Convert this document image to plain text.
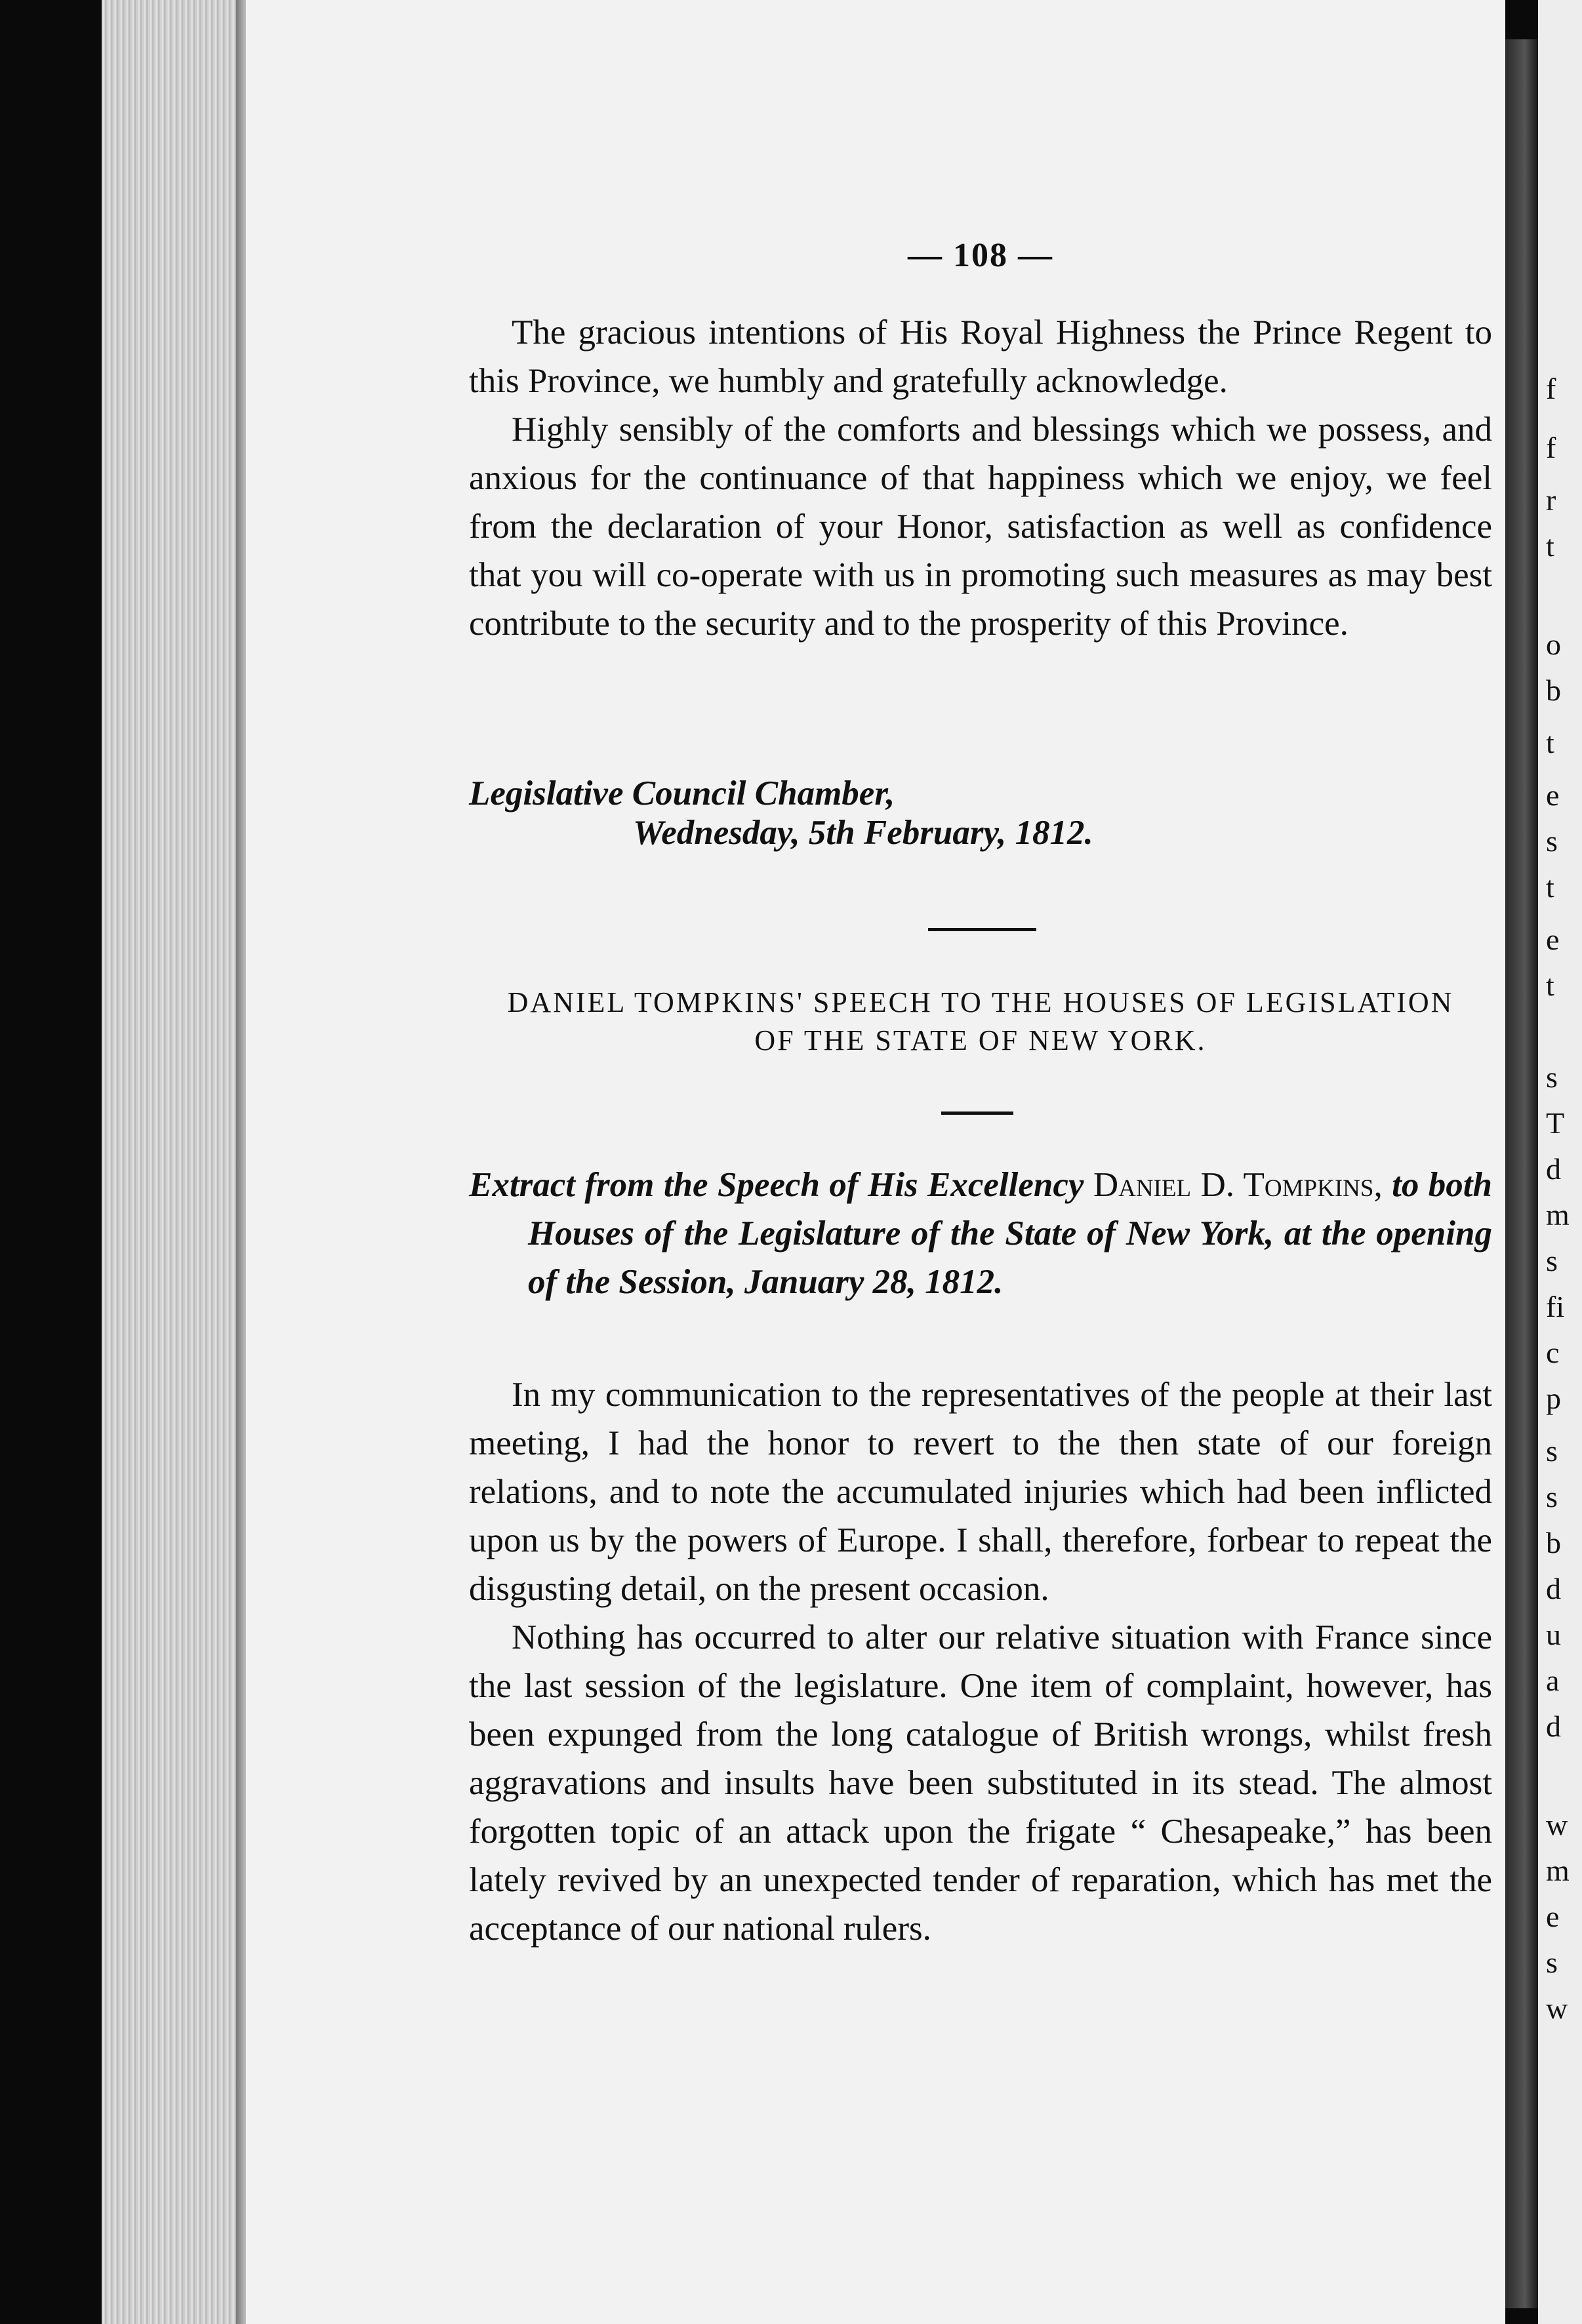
f
f
r
t
o
b
t
e
s
t
e
t
s
T
d
m
s
fi
c
p
s
s
b
d
u
a
d
w
m
e
s
w
— 108 —

The gracious intentions of His Royal Highness the Prince Regent to this Province, we humbly and gratefully acknowledge.

Highly sensibly of the comforts and blessings which we possess, and anxious for the continuance of that happiness which we enjoy, we feel from the declaration of your Honor, satisfaction as well as confidence that you will co-operate with us in promoting such measures as may best contribute to the security and to the prosperity of this Province.

Legislative Council Chamber,
Wednesday, 5th February, 1812.
DANIEL TOMPKINS' SPEECH TO THE HOUSES OF LEGISLATION
OF THE STATE OF NEW YORK.
Extract from the Speech of His Excellency Daniel D. Tompkins, to both Houses of the Legislature of the State of New York, at the opening of the Session, January 28, 1812.

In my communication to the representatives of the people at their last meeting, I had the honor to revert to the then state of our foreign relations, and to note the accumulated injuries which had been inflicted upon us by the powers of Europe. I shall, therefore, forbear to repeat the disgusting detail, on the present occasion.

Nothing has occurred to alter our relative situation with France since the last session of the legislature. One item of complaint, however, has been expunged from the long catalogue of British wrongs, whilst fresh aggravations and insults have been substituted in its stead. The almost forgotten topic of an attack upon the frigate “ Chesapeake,” has been lately revived by an unexpected tender of reparation, which has met the acceptance of our national rulers.
